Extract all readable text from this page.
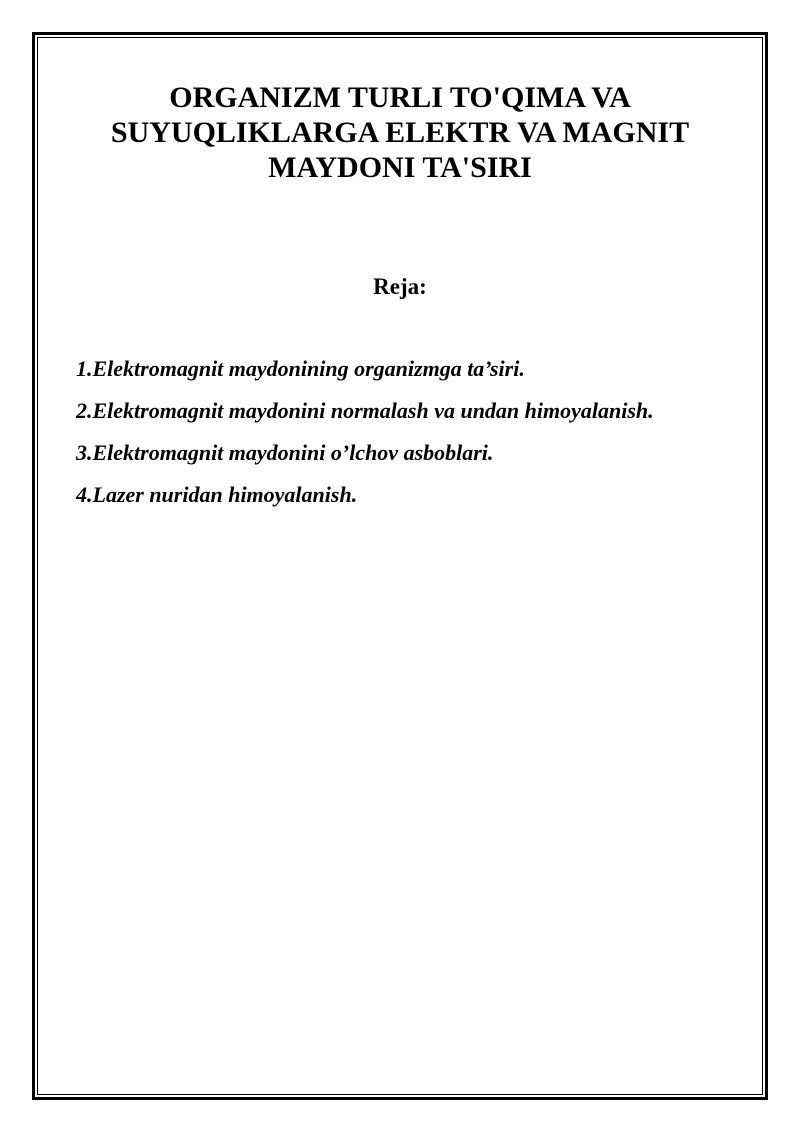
ORGANIZM TURLI TO'QIMA VA
SUYUQLIKLARGA ELEKTR VA MAGNIT
MAYDONI TA'SIRI
Reja:
1.Elektromagnit maydonining organizmga ta’siri.
2.Elektromagnit maydonini normalash va undan himoyalanish.
3.Elektromagnit maydonini o’lchov asboblari.
4.Lazer nuridan himoyalanish.
